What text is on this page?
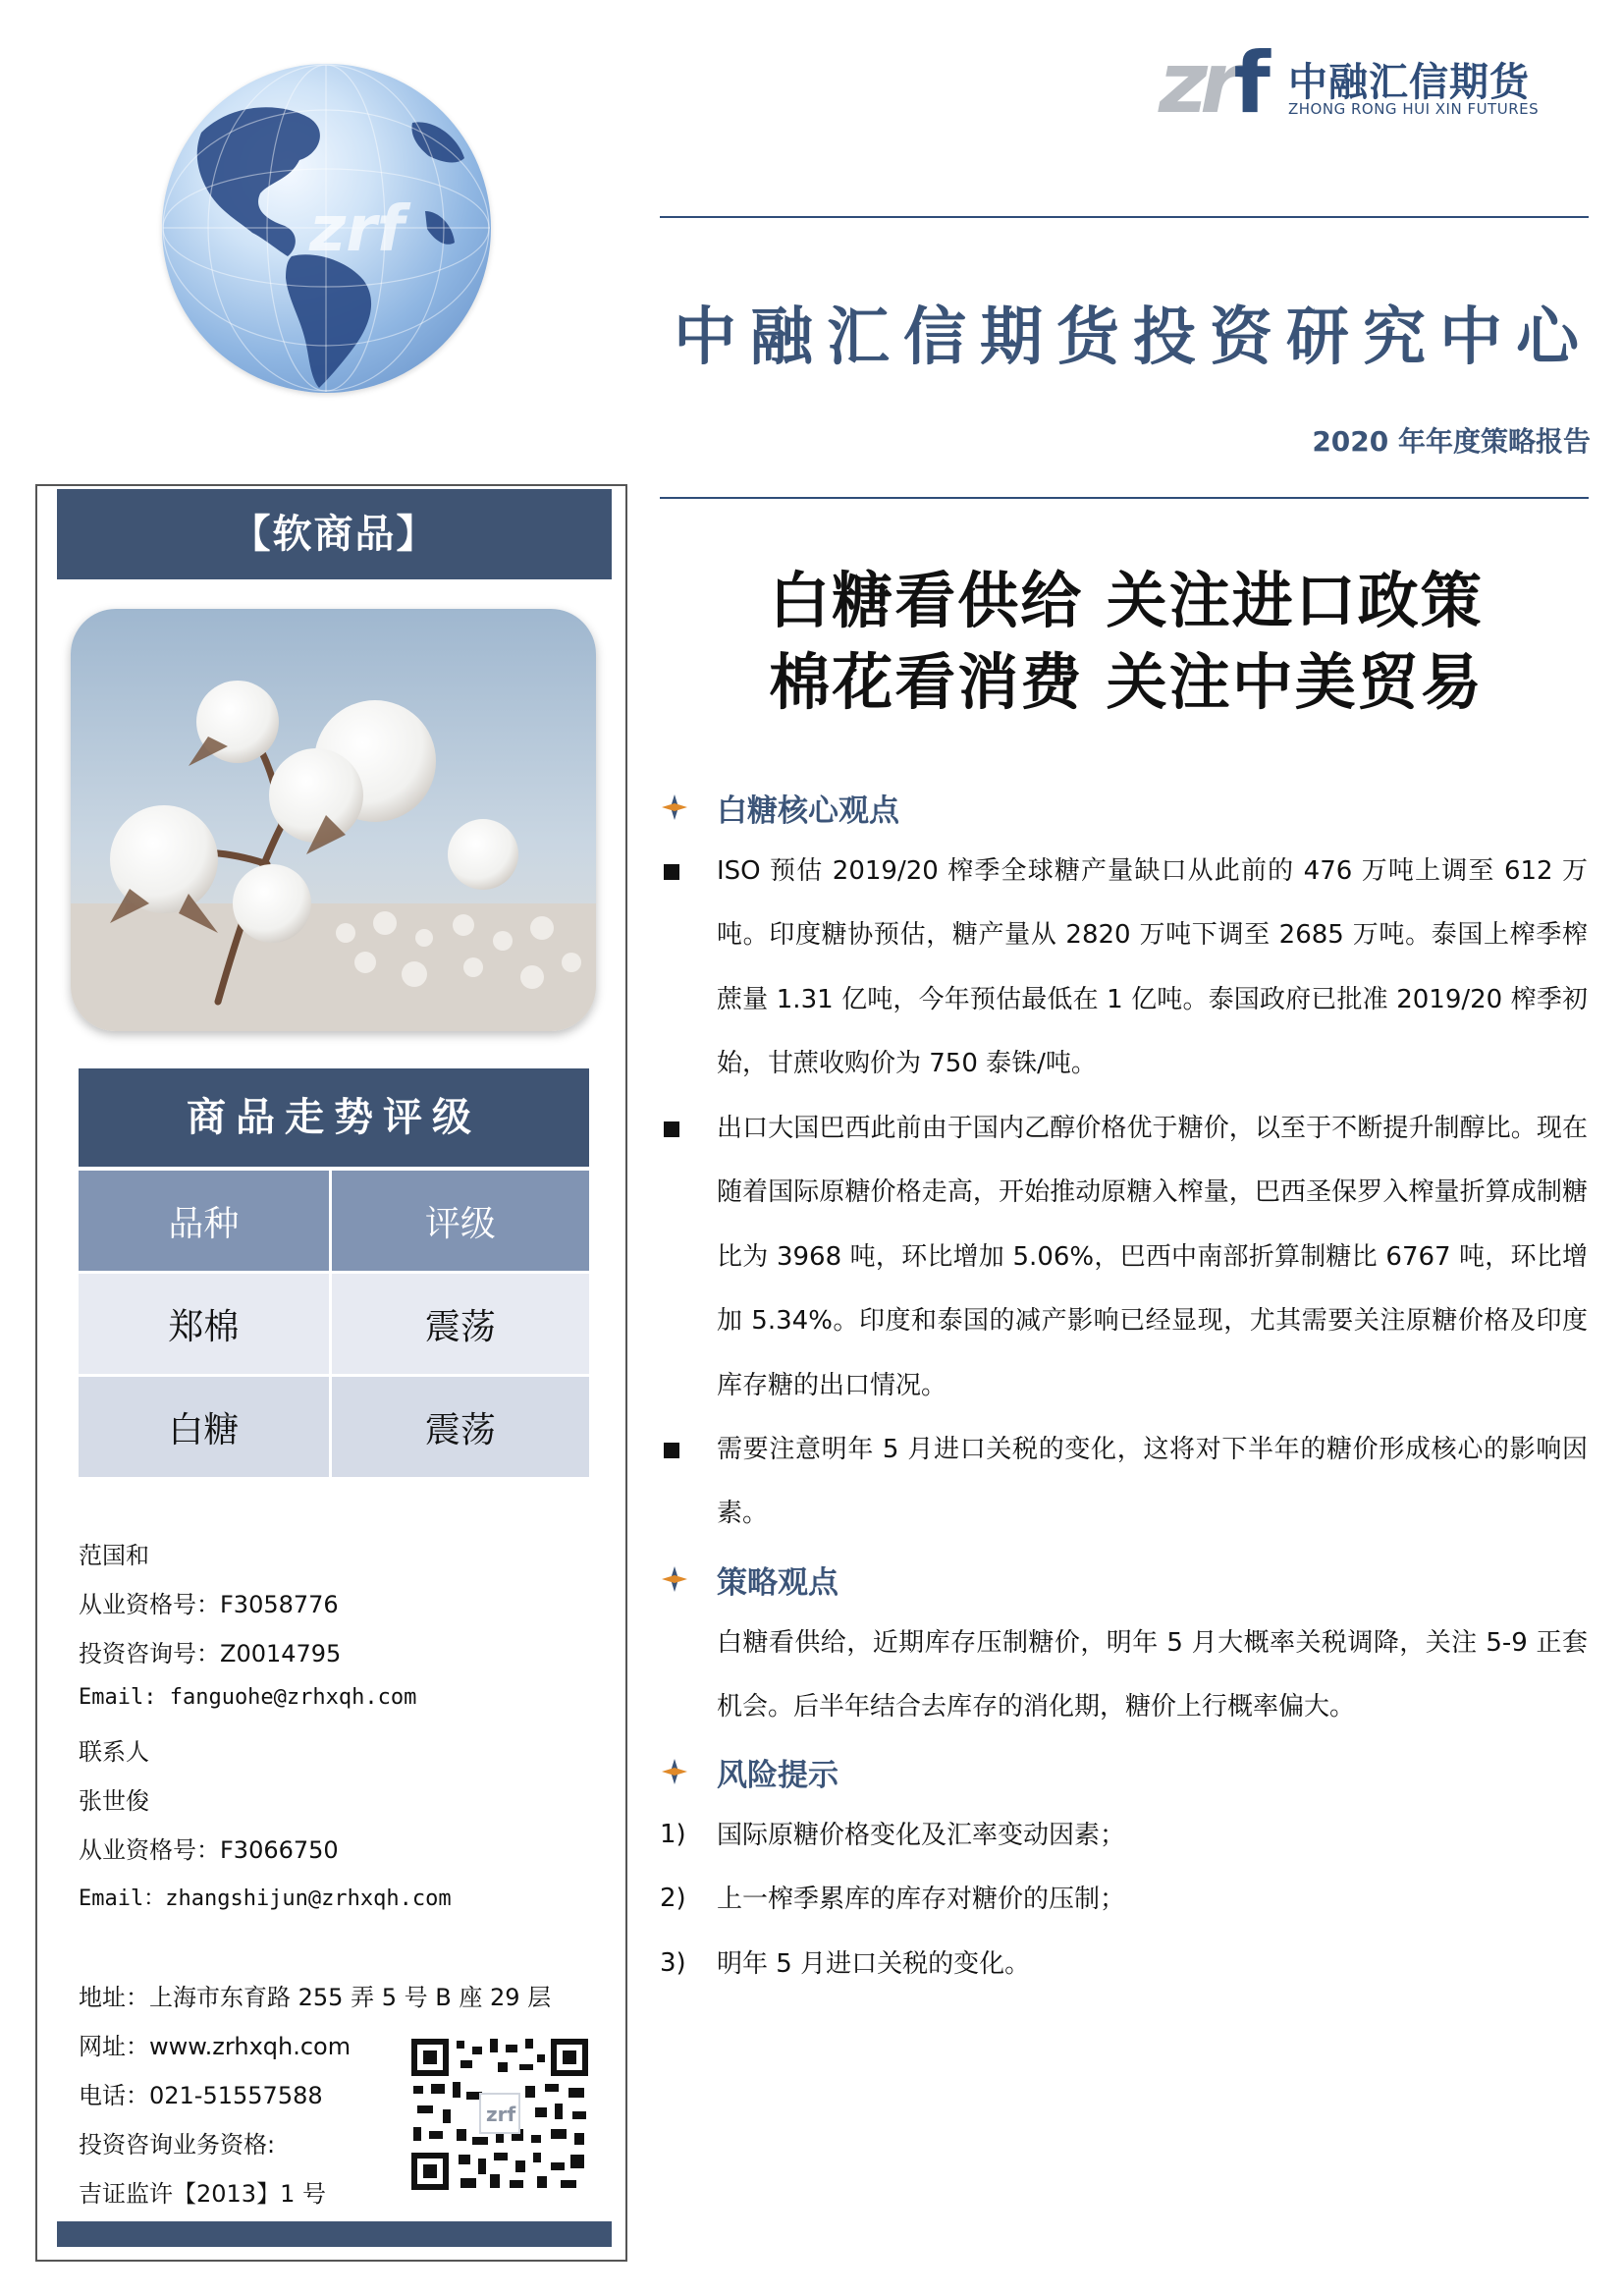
zrf
zrf 中融汇信期货
ZHONG RONG HUI XIN FUTURES
中融汇信期货投资研究中心
2020 年年度策略报告
【软商品】
商品走势评级
品种	评级
郑棉	震荡
白糖	震荡
范国和
从业资格号：F3058776
投资咨询号：Z0014795
Email: fanguohe@zrhxqh.com
联系人
张世俊
从业资格号：F3066750
Email：zhangshijun@zrhxqh.com
地址：上海市东育路 255 弄 5 号 B 座 29 层
网址：www.zrhxqh.com
电话：021-51557588
投资咨询业务资格:
吉证监许【2013】1 号
zrf
白糖看供给 关注进口政策
棉花看消费 关注中美贸易
白糖核心观点
ISO 预估 2019/20 榨季全球糖产量缺口从此前的 476 万吨上调至 612 万吨。印度糖协预估，糖产量从 2820 万吨下调至 2685 万吨。泰国上榨季榨蔗量 1.31 亿吨，今年预估最低在 1 亿吨。泰国政府已批准 2019/20 榨季初始，甘蔗收购价为 750 泰铢/吨。
出口大国巴西此前由于国内乙醇价格优于糖价，以至于不断提升制醇比。现在随着国际原糖价格走高，开始推动原糖入榨量，巴西圣保罗入榨量折算成制糖比为 3968 吨，环比增加 5.06%，巴西中南部折算制糖比 6767 吨，环比增加 5.34%。印度和泰国的减产影响已经显现，尤其需要关注原糖价格及印度库存糖的出口情况。
需要注意明年 5 月进口关税的变化，这将对下半年的糖价形成核心的影响因素。
策略观点
白糖看供给，近期库存压制糖价，明年 5 月大概率关税调降，关注 5-9 正套机会。后半年结合去库存的消化期，糖价上行概率偏大。
风险提示
1) 国际原糖价格变化及汇率变动因素；
2) 上一榨季累库的库存对糖价的压制；
3) 明年 5 月进口关税的变化。
